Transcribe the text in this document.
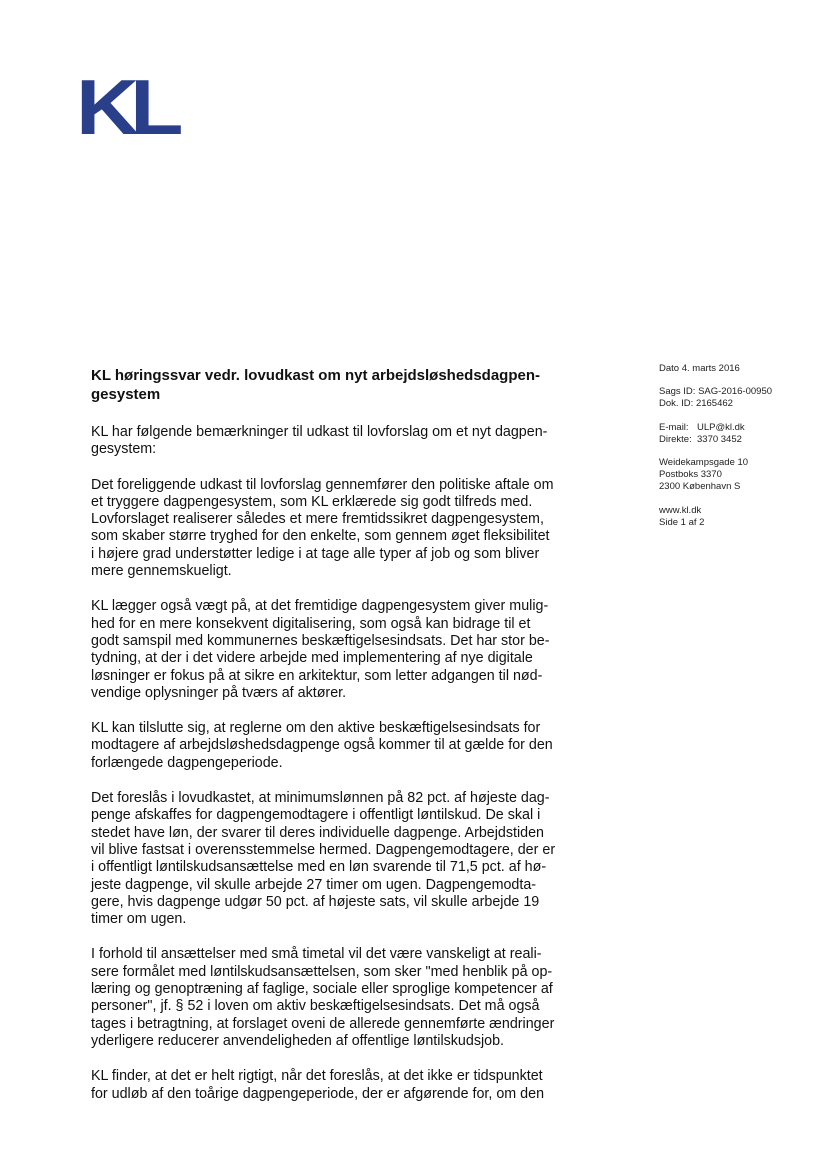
KL
KL høringssvar vedr. lovudkast om nyt arbejdsløshedsdagpen-
gesystem

KL har følgende bemærkninger til udkast til lovforslag om et nyt dagpen-
gesystem:

Det foreliggende udkast til lovforslag gennemfører den politiske aftale om
et tryggere dagpengesystem, som KL erklærede sig godt tilfreds med.
Lovforslaget realiserer således et mere fremtidssikret dagpengesystem,
som skaber større tryghed for den enkelte, som gennem øget fleksibilitet
i højere grad understøtter ledige i at tage alle typer af job og som bliver
mere gennemskueligt.

KL lægger også vægt på, at det fremtidige dagpengesystem giver mulig-
hed for en mere konsekvent digitalisering, som også kan bidrage til et
godt samspil med kommunernes beskæftigelsesindsats. Det har stor be-
tydning, at der i det videre arbejde med implementering af nye digitale
løsninger er fokus på at sikre en arkitektur, som letter adgangen til nød-
vendige oplysninger på tværs af aktører.

KL kan tilslutte sig, at reglerne om den aktive beskæftigelsesindsats for
modtagere af arbejdsløshedsdagpenge også kommer til at gælde for den
forlængede dagpengeperiode.

Det foreslås i lovudkastet, at minimumslønnen på 82 pct. af højeste dag-
penge afskaffes for dagpengemodtagere i offentligt løntilskud. De skal i
stedet have løn, der svarer til deres individuelle dagpenge. Arbejdstiden
vil blive fastsat i overensstemmelse hermed. Dagpengemodtagere, der er
i offentligt løntilskudsansættelse med en løn svarende til 71,5 pct. af hø-
jeste dagpenge, vil skulle arbejde 27 timer om ugen. Dagpengemodta-
gere, hvis dagpenge udgør 50 pct. af højeste sats, vil skulle arbejde 19
timer om ugen.

I forhold til ansættelser med små timetal vil det være vanskeligt at reali-
sere formålet med løntilskudsansættelsen, som sker "med henblik på op-
læring og genoptræning af faglige, sociale eller sproglige kompetencer af
personer", jf. § 52 i loven om aktiv beskæftigelsesindsats. Det må også
tages i betragtning, at forslaget oveni de allerede gennemførte ændringer
yderligere reducerer anvendeligheden af offentlige løntilskudsjob.

KL finder, at det er helt rigtigt, når det foreslås, at det ikke er tidspunktet
for udløb af den toårige dagpengeperiode, der er afgørende for, om den

Dato 4. marts 2016
Sags ID: SAG-2016-00950
Dok. ID: 2165462
E-mail: ULP@kl.dk
Direkte: 3370 3452
Weidekampsgade 10
Postboks 3370
2300 København S
www.kl.dk
Side 1 af 2
